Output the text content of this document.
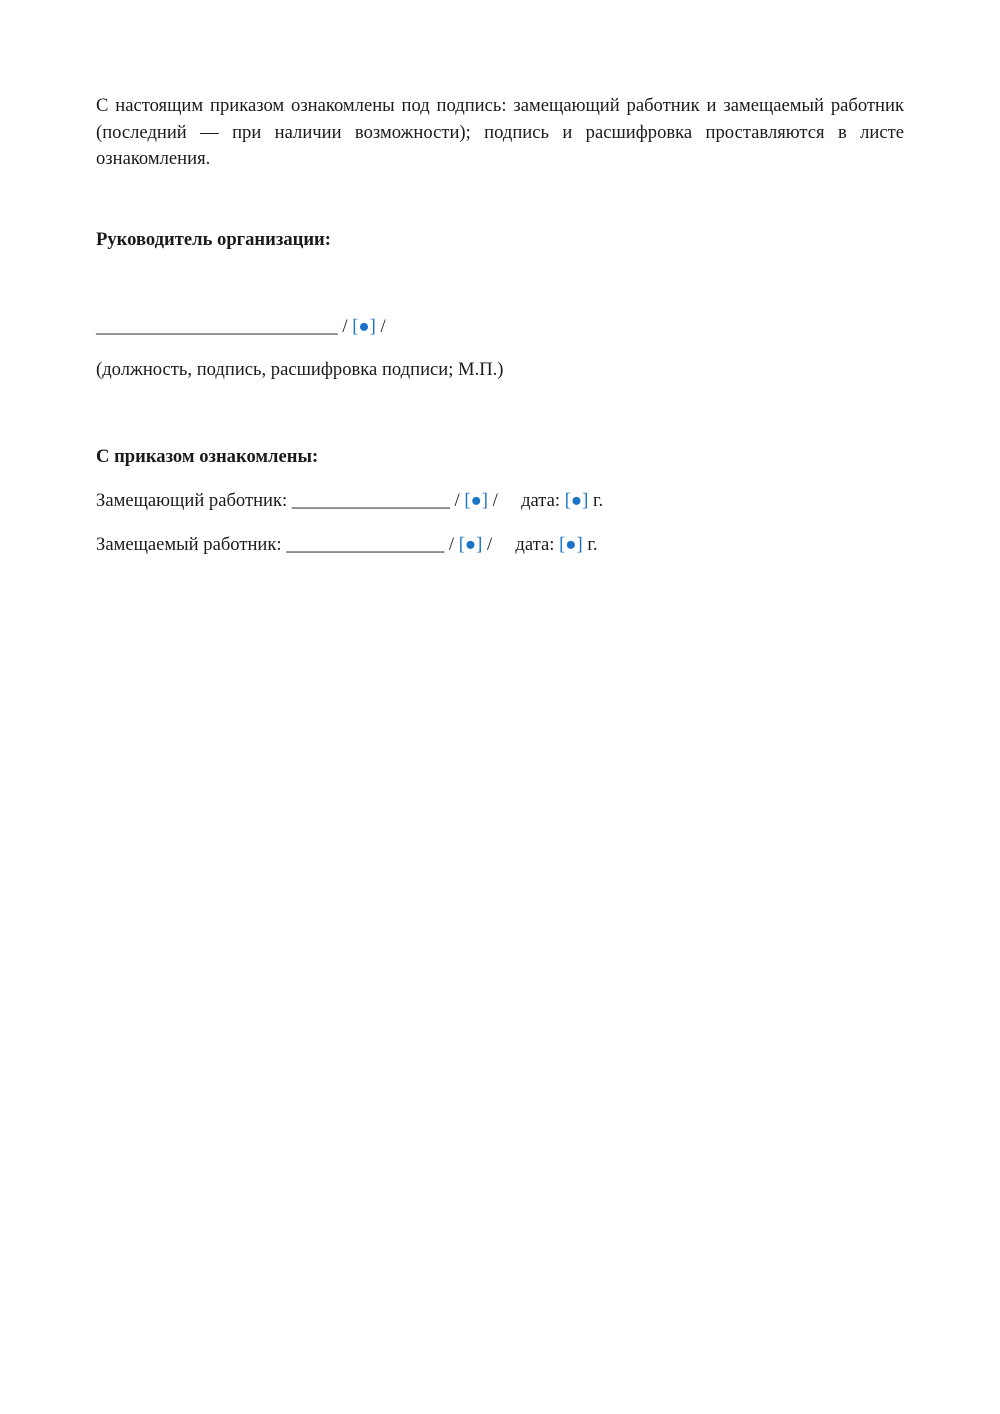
С настоящим приказом ознакомлены под подпись: замещающий работник и замещаемый работник (последний — при наличии возможности); подпись и расшифровка проставляются в листе ознакомления.

Руководитель организации:

__________________________ / [●] /

(должность, подпись, расшифровка подписи; М.П.)

С приказом ознакомлены:

Замещающий работник: _________________ / [●] /     дата: [●] г.

Замещаемый работник: _________________ / [●] /     дата: [●] г.
